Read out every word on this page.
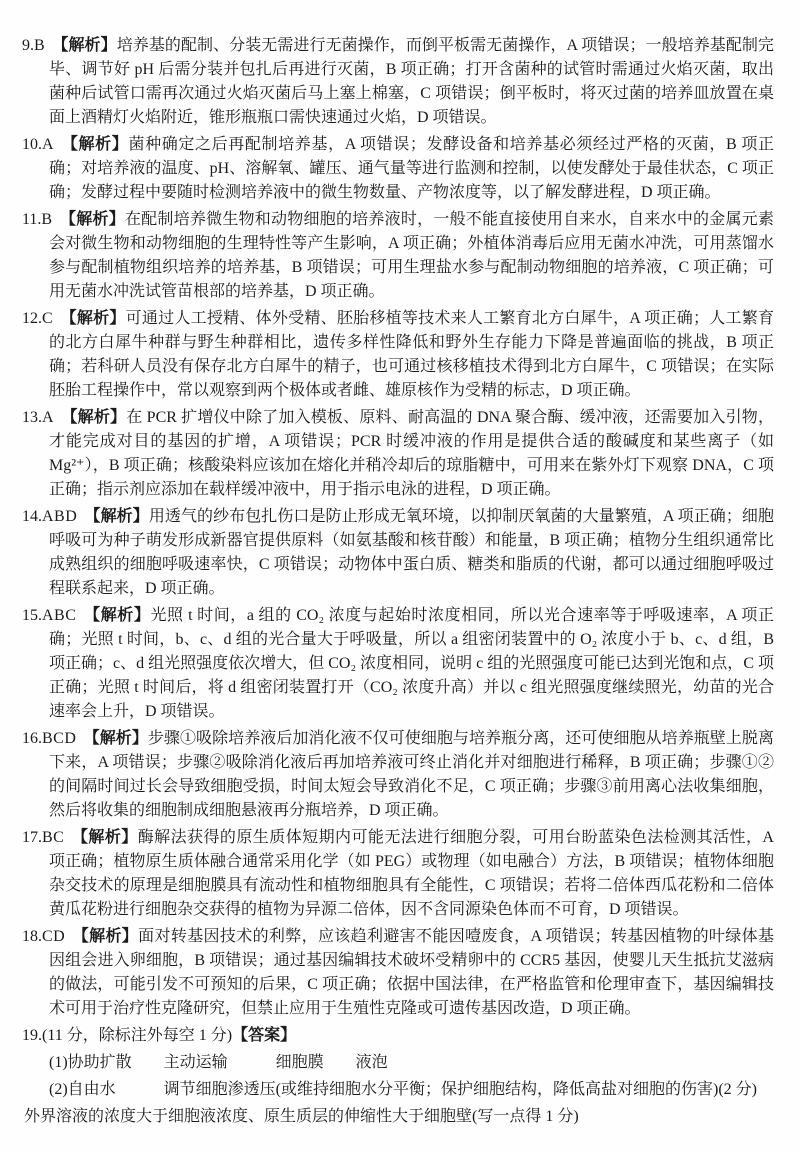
9.B 【解析】培养基的配制、分装无需进行无菌操作，而倒平板需无菌操作，A 项错误；一般培养基配制完毕、调节好 pH 后需分装并包扎后再进行灭菌，B 项正确；打开含菌种的试管时需通过火焰灭菌，取出菌种后试管口需再次通过火焰灭菌后马上塞上棉塞，C 项错误；倒平板时，将灭过菌的培养皿放置在桌面上酒精灯火焰附近，锥形瓶瓶口需快速通过火焰，D 项错误。

10.A 【解析】菌种确定之后再配制培养基，A 项错误；发酵设备和培养基必须经过严格的灭菌，B 项正确；对培养液的温度、pH、溶解氧、罐压、通气量等进行监测和控制，以使发酵处于最佳状态，C 项正确；发酵过程中要随时检测培养液中的微生物数量、产物浓度等，以了解发酵进程，D 项正确。

11.B 【解析】在配制培养微生物和动物细胞的培养液时，一般不能直接使用自来水，自来水中的金属元素会对微生物和动物细胞的生理特性等产生影响，A 项正确；外植体消毒后应用无菌水冲洗，可用蒸馏水参与配制植物组织培养的培养基，B 项错误；可用生理盐水参与配制动物细胞的培养液，C 项正确；可用无菌水冲洗试管苗根部的培养基，D 项正确。

12.C 【解析】可通过人工授精、体外受精、胚胎移植等技术来人工繁育北方白犀牛，A 项正确；人工繁育的北方白犀牛种群与野生种群相比，遗传多样性降低和野外生存能力下降是普遍面临的挑战，B 项正确；若科研人员没有保存北方白犀牛的精子，也可通过核移植技术得到北方白犀牛，C 项错误；在实际胚胎工程操作中，常以观察到两个极体或者雌、雄原核作为受精的标志，D 项正确。

13.A 【解析】在 PCR 扩增仪中除了加入模板、原料、耐高温的 DNA 聚合酶、缓冲液，还需要加入引物，才能完成对目的基因的扩增，A 项错误；PCR 时缓冲液的作用是提供合适的酸碱度和某些离子（如 Mg²⁺），B 项正确；核酸染料应该加在熔化并稍冷却后的琼脂糖中，可用来在紫外灯下观察 DNA，C 项正确；指示剂应添加在载样缓冲液中，用于指示电泳的进程，D 项正确。

14.ABD 【解析】用透气的纱布包扎伤口是防止形成无氧环境，以抑制厌氧菌的大量繁殖，A 项正确；细胞呼吸可为种子萌发形成新器官提供原料（如氨基酸和核苷酸）和能量，B 项正确；植物分生组织通常比成熟组织的细胞呼吸速率快，C 项错误；动物体中蛋白质、糖类和脂质的代谢，都可以通过细胞呼吸过程联系起来，D 项正确。

15.ABC 【解析】光照 t 时间，a 组的 CO₂ 浓度与起始时浓度相同，所以光合速率等于呼吸速率，A 项正确；光照 t 时间，b、c、d 组的光合量大于呼吸量，所以 a 组密闭装置中的 O₂ 浓度小于 b、c、d 组，B 项正确；c、d 组光照强度依次增大，但 CO₂ 浓度相同，说明 c 组的光照强度可能已达到光饱和点，C 项正确；光照 t 时间后，将 d 组密闭装置打开（CO₂ 浓度升高）并以 c 组光照强度继续照光，幼苗的光合速率会上升，D 项错误。

16.BCD 【解析】步骤①吸除培养液后加消化液不仅可使细胞与培养瓶分离，还可使细胞从培养瓶壁上脱离下来，A 项错误；步骤②吸除消化液后再加培养液可终止消化并对细胞进行稀释，B 项正确；步骤①②的间隔时间过长会导致细胞受损，时间太短会导致消化不足，C 项正确；步骤③前用离心法收集细胞，然后将收集的细胞制成细胞悬液再分瓶培养，D 项正确。

17.BC 【解析】酶解法获得的原生质体短期内可能无法进行细胞分裂，可用台盼蓝染色法检测其活性，A 项正确；植物原生质体融合通常采用化学（如 PEG）或物理（如电融合）方法，B 项错误；植物体细胞杂交技术的原理是细胞膜具有流动性和植物细胞具有全能性，C 项错误；若将二倍体西瓜花粉和二倍体黄瓜花粉进行细胞杂交获得的植物为异源二倍体，因不含同源染色体而不可育，D 项错误。

18.CD 【解析】面对转基因技术的利弊，应该趋利避害不能因噎废食，A 项错误；转基因植物的叶绿体基因组会进入卵细胞，B 项错误；通过基因编辑技术破坏受精卵中的 CCR5 基因，使婴儿天生抵抗艾滋病的做法，可能引发不可预知的后果，C 项正确；依据中国法律，在严格监管和伦理审查下，基因编辑技术可用于治疗性克隆研究，但禁止应用于生殖性克隆或可遗传基因改造，D 项正确。

19.(11 分，除标注外每空 1 分)【答案】

(1)协助扩散　　主动运输　　　细胞膜　　液泡

(2)自由水　　　调节细胞渗透压(或维持细胞水分平衡；保护细胞结构，降低高盐对细胞的伤害)(2 分)

外界溶液的浓度大于细胞液浓度、原生质层的伸缩性大于细胞壁(写一点得 1 分)
